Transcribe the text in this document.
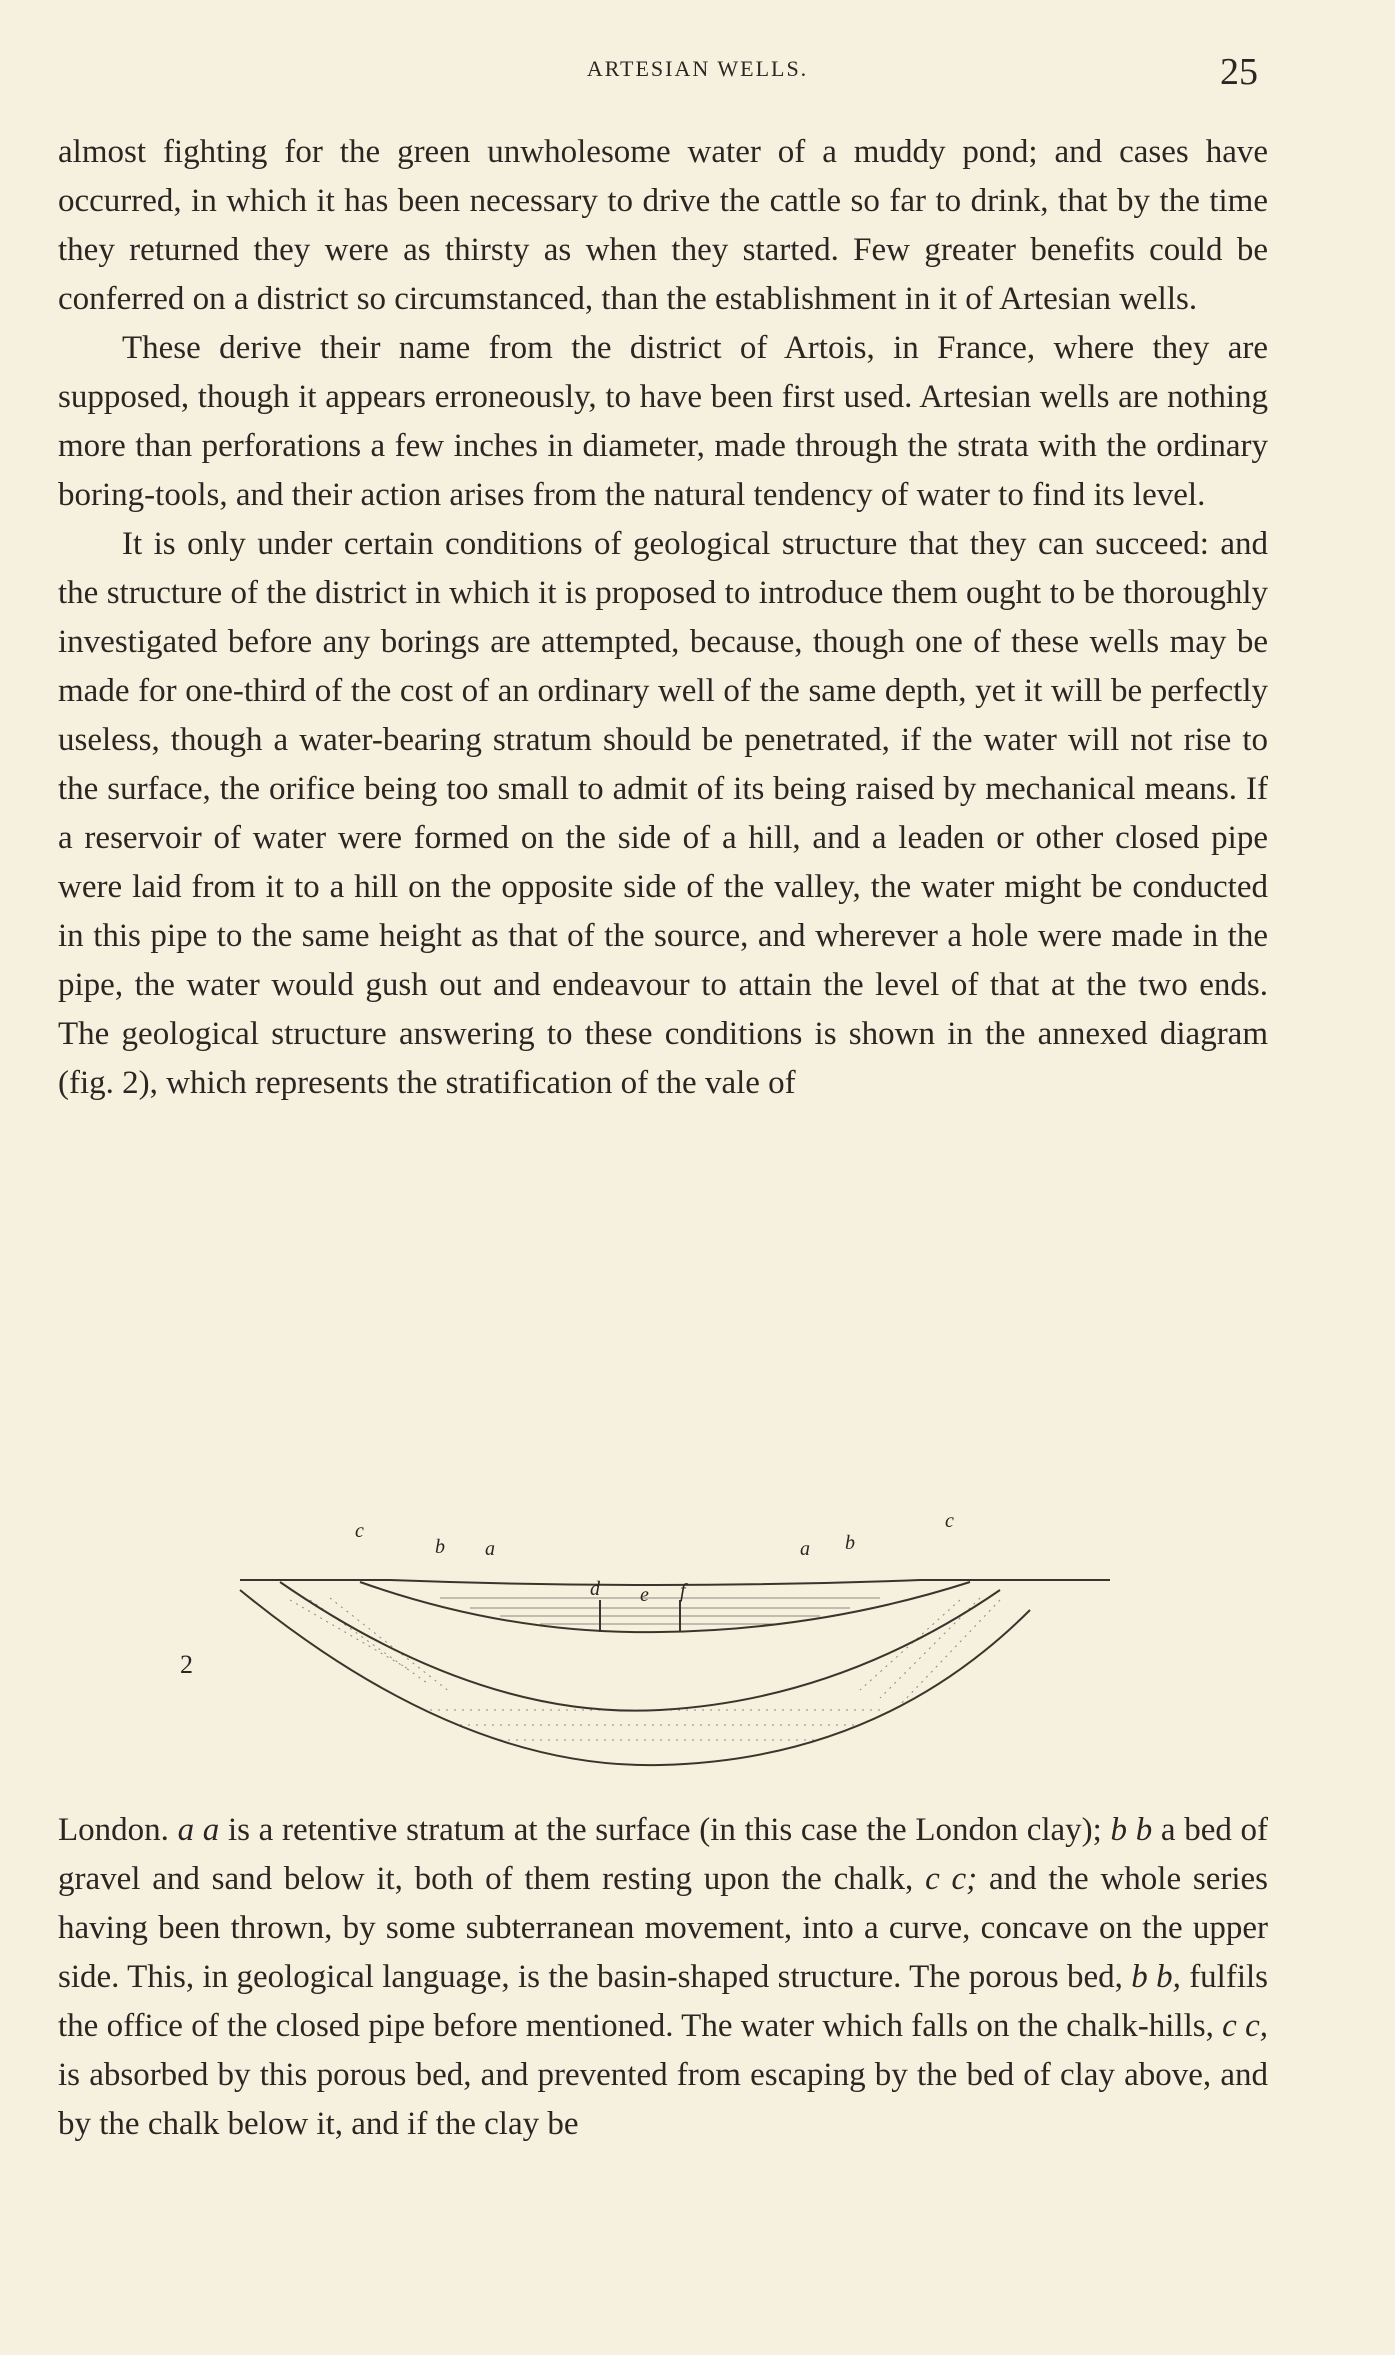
ARTESIAN WELLS.	25

almost fighting for the green unwholesome water of a muddy pond; and cases have occurred, in which it has been necessary to drive the cattle so far to drink, that by the time they returned they were as thirsty as when they started. Few greater benefits could be conferred on a district so circumstanced, than the establishment in it of Artesian wells.

These derive their name from the district of Artois, in France, where they are supposed, though it appears erroneously, to have been first used. Artesian wells are nothing more than perforations a few inches in diameter, made through the strata with the ordinary boring-tools, and their action arises from the natural tendency of water to find its level.

It is only under certain conditions of geological structure that they can succeed: and the structure of the district in which it is proposed to introduce them ought to be thoroughly investigated before any borings are attempted, because, though one of these wells may be made for one-third of the cost of an ordinary well of the same depth, yet it will be perfectly useless, though a water-bearing stratum should be penetrated, if the water will not rise to the surface, the orifice being too small to admit of its being raised by mechanical means. If a reservoir of water were formed on the side of a hill, and a leaden or other closed pipe were laid from it to a hill on the opposite side of the valley, the water might be conducted in this pipe to the same height as that of the source, and wherever a hole were made in the pipe, the water would gush out and endeavour to attain the level of that at the two ends. The geological structure answering to these conditions is shown in the annexed diagram (fig. 2), which represents the stratification of the vale of

2
c
b a
d e f
a b
c

London. a a is a retentive stratum at the surface (in this case the London clay); b b a bed of gravel and sand below it, both of them resting upon the chalk, c c; and the whole series having been thrown, by some subterranean movement, into a curve, concave on the upper side. This, in geological language, is the basin-shaped structure. The porous bed, b b, fulfils the office of the closed pipe before mentioned. The water which falls on the chalk-hills, c c, is absorbed by this porous bed, and prevented from escaping by the bed of clay above, and by the chalk below it, and if the clay be
